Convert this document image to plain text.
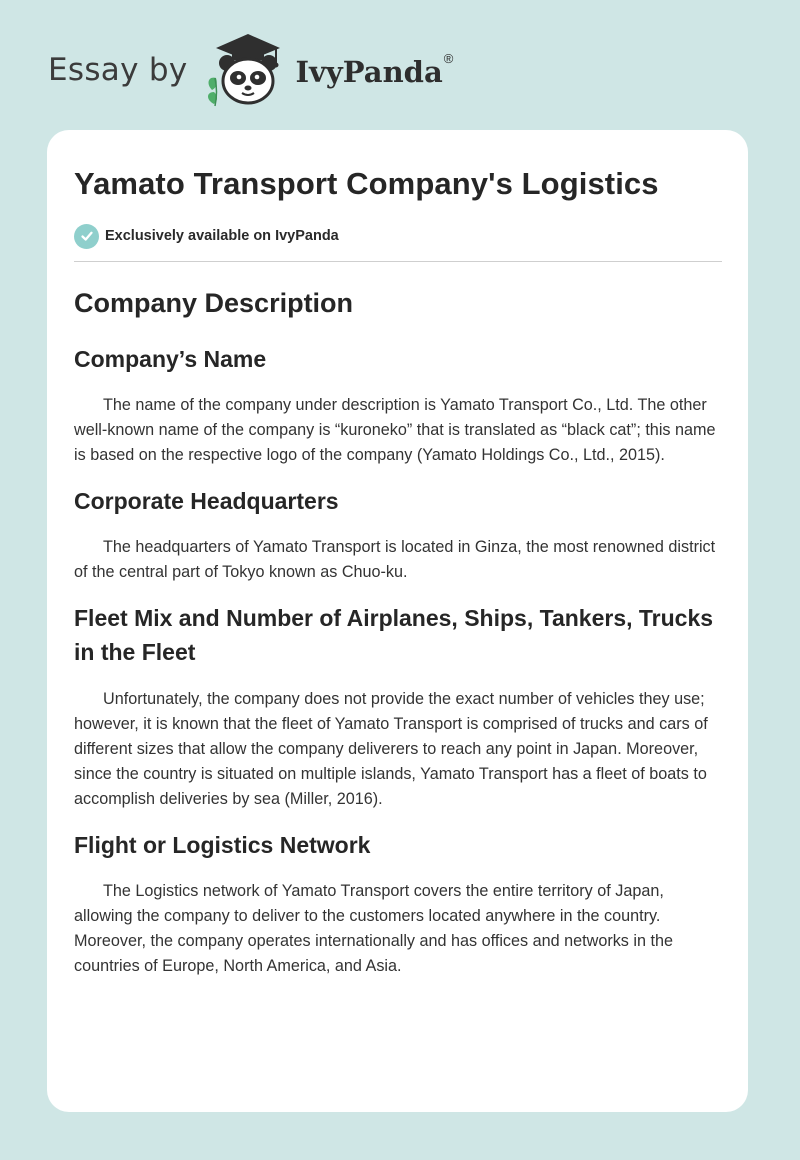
Essay by	IvyPanda ®
Yamato Transport Company's Logistics
Exclusively available on IvyPanda
Company Description
Company’s Name

The name of the company under description is Yamato Transport Co., Ltd. The other well-known name of the company is “kuroneko” that is translated as “black cat”; this name is based on the respective logo of the company (Yamato Holdings Co., Ltd., 2015).

Corporate Headquarters

The headquarters of Yamato Transport is located in Ginza, the most renowned district of the central part of Tokyo known as Chuo-ku.

Fleet Mix and Number of Airplanes, Ships, Tankers, Trucks in the Fleet

Unfortunately, the company does not provide the exact number of vehicles they use; however, it is known that the fleet of Yamato Transport is comprised of trucks and cars of different sizes that allow the company deliverers to reach any point in Japan. Moreover, since the country is situated on multiple islands, Yamato Transport has a fleet of boats to accomplish deliveries by sea (Miller, 2016).

Flight or Logistics Network

The Logistics network of Yamato Transport covers the entire territory of Japan, allowing the company to deliver to the customers located anywhere in the country. Moreover, the company operates internationally and has offices and networks in the countries of Europe, North America, and Asia.
